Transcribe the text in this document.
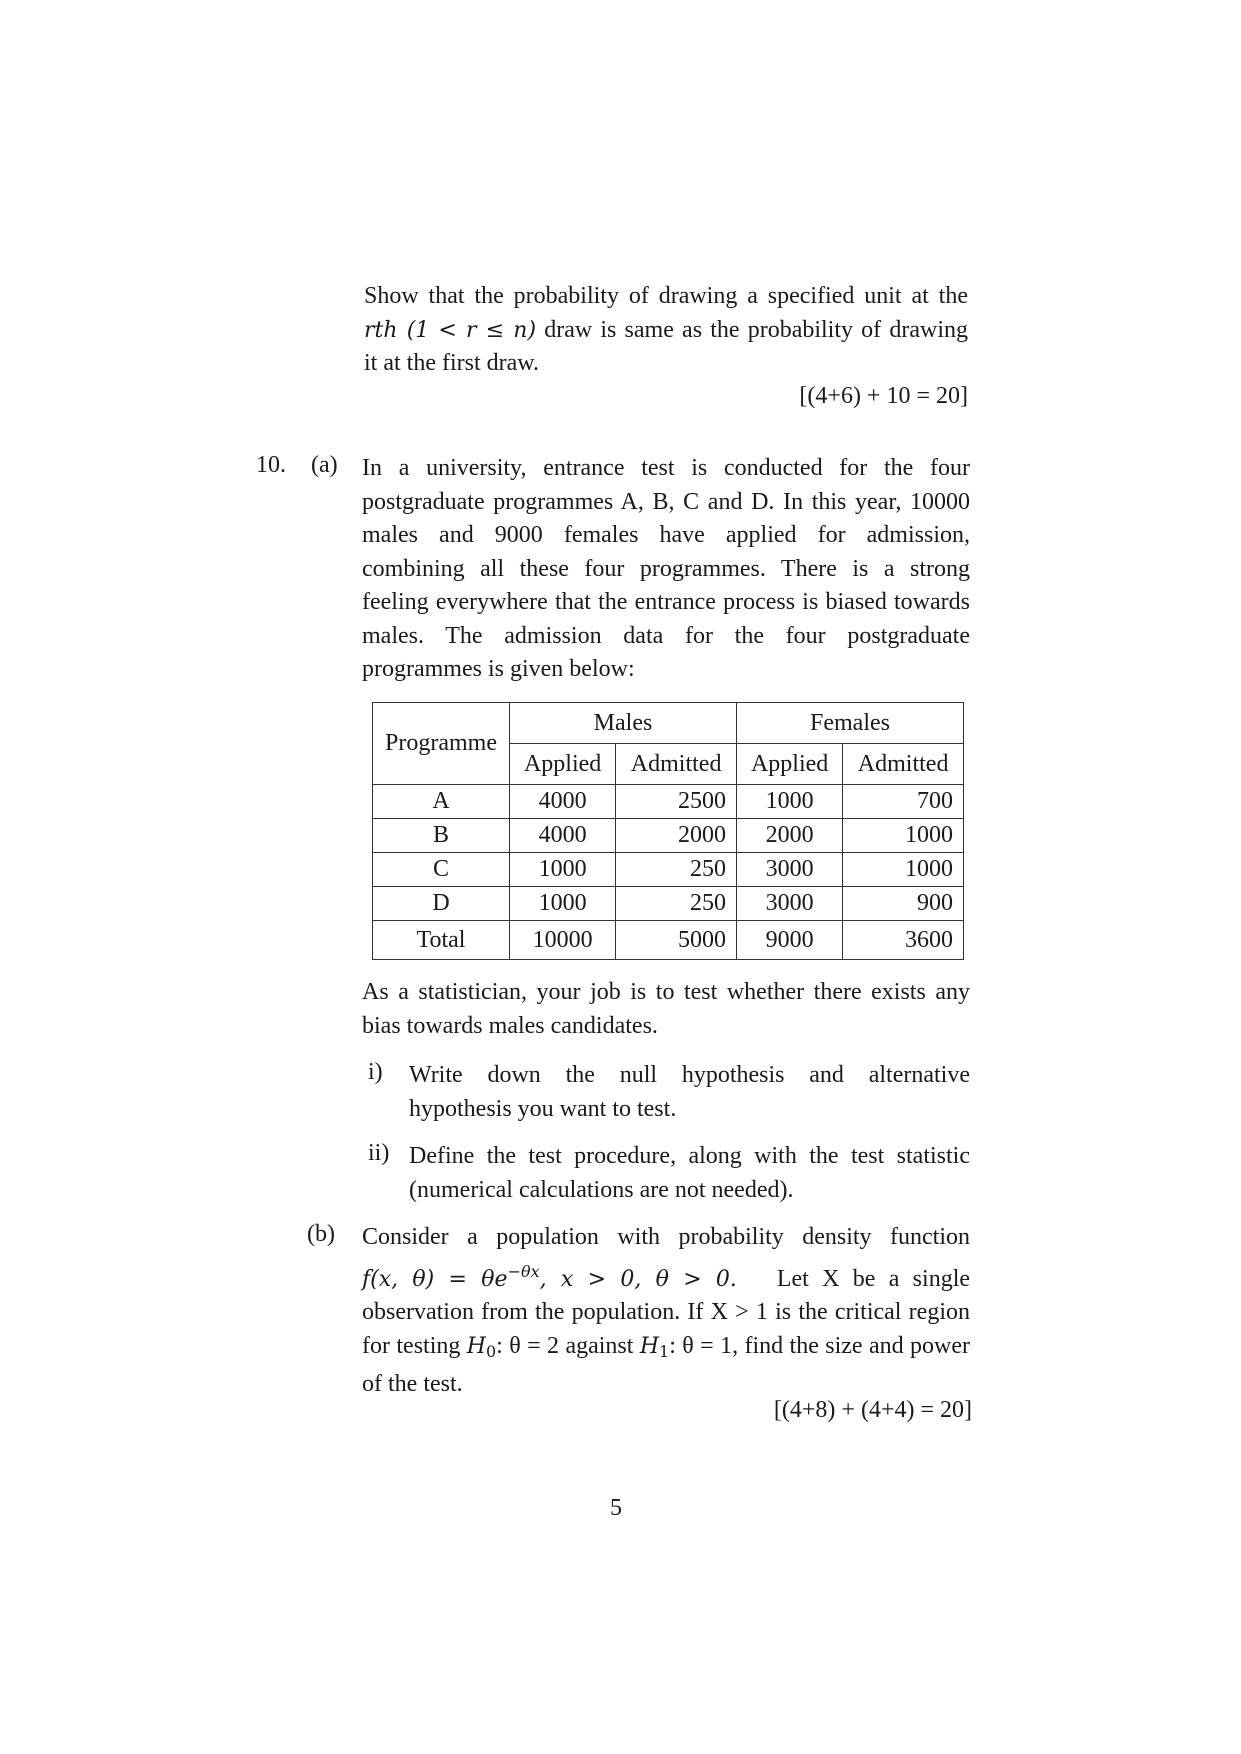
Show that the probability of drawing a specified unit at the
rth (1 < r ≤ n) draw is same as the probability of drawing
it at the first draw.
[(4+6) + 10 = 20]
10. (a) In a university, entrance test is conducted for the four
postgraduate programmes A, B, C and D. In this year, 10000
males and 9000 females have applied for admission,
combining all these four programmes. There is a strong
feeling everywhere that the entrance process is biased towards
males. The admission data for the four postgraduate
programmes is given below:
Programme	Males		Females	
	Applied	Admitted	Applied	Admitted
A	4000	2500	1000	700
B	4000	2000	2000	1000
C	1000	250	3000	1000
D	1000	250	3000	900
Total	10000	5000	9000	3600
As a statistician, your job is to test whether there exists any
bias towards males candidates.
i) Write down the null hypothesis and alternative
hypothesis you want to test.
ii) Define the test procedure, along with the test statistic
(numerical calculations are not needed).
(b) Consider a population with probability density function
f(x, $\theta) = \theta e^{-\theta x}$, x > 0, θ > 0. Let X be a single
observation from the population. If X > 1 is the critical region
for testing $H_0$: θ = 2 against $H_1$: θ = 1, find the size and power
of the test.
[(4+8) + (4+4) = 20]
5
